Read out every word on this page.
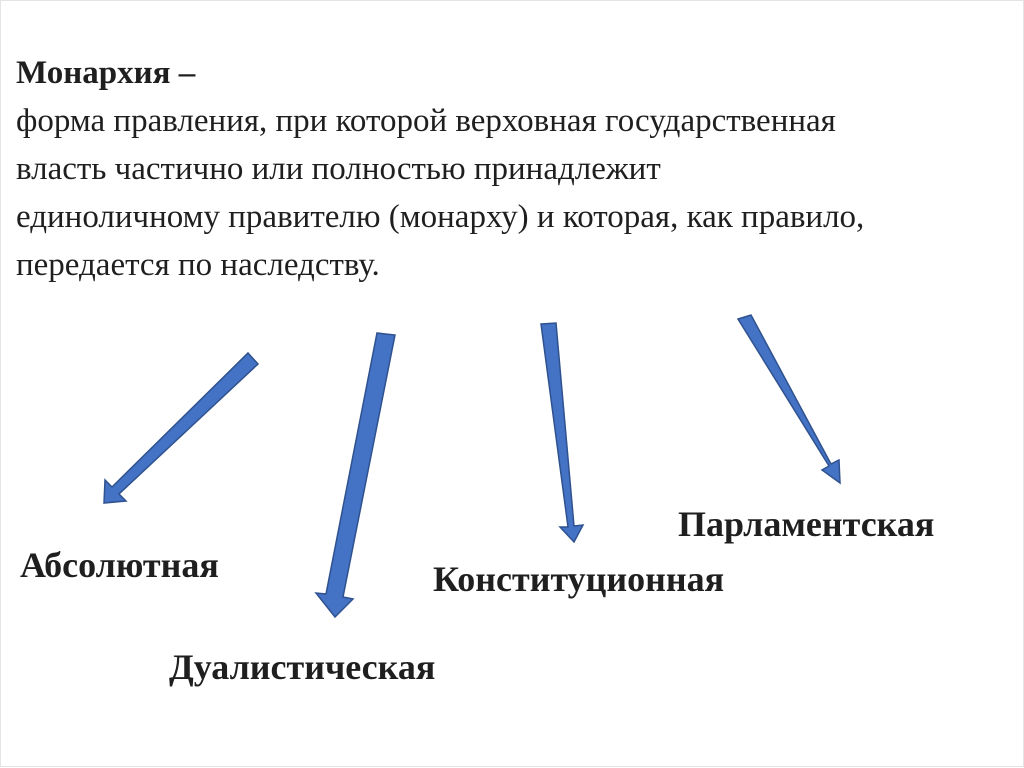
Монархия –
форма правления, при которой верховная государственная
власть частично или полностью принадлежит
единоличному правителю (монарху) и которая, как правило,
передается по наследству.
Абсолютная
Дуалистическая
Конституционная
Парламентская
